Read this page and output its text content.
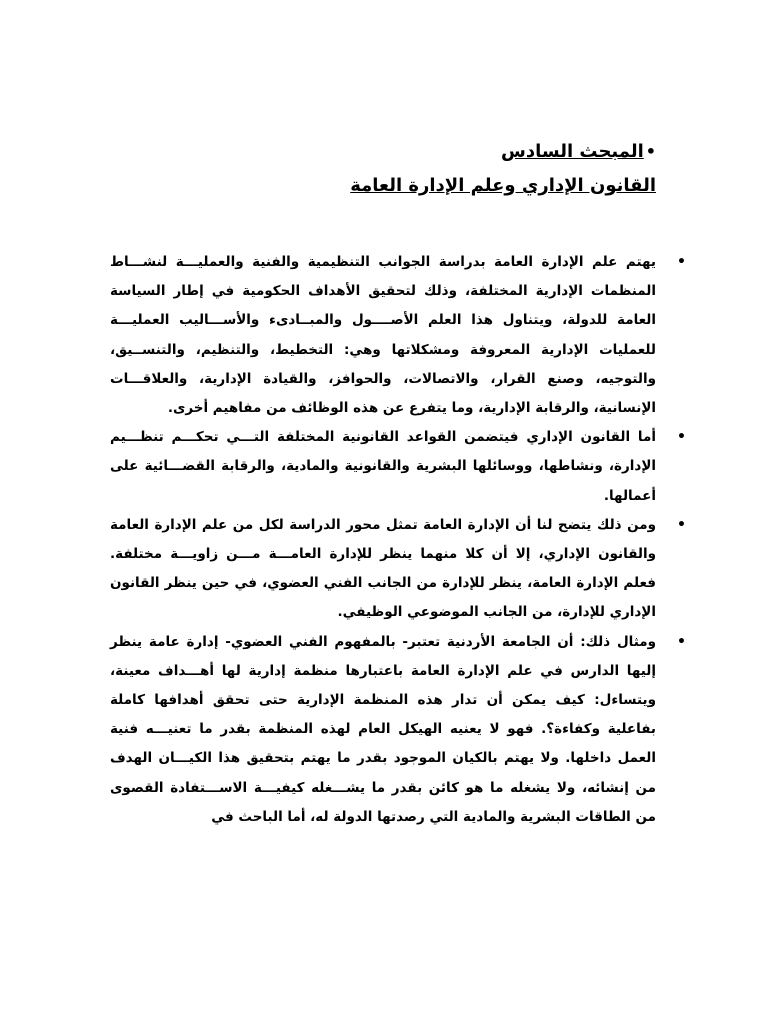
•المبحث السادس
القانون الإداري وعلم الإدارة العامة
•
يهتم علم الإدارة العامة بدراسة الجوانب التنظيمية والفنية والعمليـــة لنشـــاط المنظمات الإدارية المختلفة، وذلك لتحقيق الأهداف الحكومية في إطار السياسة العامة للدولة، ويتناول هذا العلم الأصــــول والمبــادىء والأســـاليب العمليـــة للعمليات الإدارية المعروفة ومشكلاتها وهي: التخطيط، والتنظيم، والتنســيق، والتوجيه، وصنع القرار، والاتصالات، والحوافز، والقيادة الإدارية، والعلاقـــات الإنسانية، والرقابة الإدارية، وما يتفرع عن هذه الوظائف من مفاهيم أخرى.
•
أما القانون الإداري فيتضمن القواعد القانونية المختلفة التـــي تحكـــم تنظـــيم الإدارة، ونشاطها، ووسائلها البشرية والقانونية والمادية، والرقابة القضـــائية على أعمالها.
•
ومن ذلك يتضح لنا أن الإدارة العامة تمثل محور الدراسة لكل من علم الإدارة العامة والقانون الإداري، إلا أن كلا منهما ينظر للإدارة العامـــة مـــن زاويـــة مختلفة. فعلم الإدارة العامة، ينظر للإدارة من الجانب الفني العضوي، في حين ينظر القانون الإداري للإدارة، من الجانب الموضوعي الوظيفي.
•
ومثال ذلك: أن الجامعة الأردنية تعتبر- بالمفهوم الفني العضوي- إدارة عامة ينظر إليها الدارس في علم الإدارة العامة باعتبارها منظمة إدارية لها أهـــداف معينة، ويتساءل: كيف يمكن أن تدار هذه المنظمة الإدارية حتى تحقق أهدافها كاملة بفاعلية وكفاءة؟. فهو لا يعنيه الهيكل العام لهذه المنظمة بقدر ما تعنيـــه فنية العمل داخلها. ولا يهتم بالكيان الموجود بقدر ما يهتم بتحقيق هذا الكيـــان الهدف من إنشائه، ولا يشغله ما هو كائن بقدر ما يشـــغله كيفيـــة الاســـتفادة القصوى من الطاقات البشرية والمادية التي رصدتها الدولة له، أما الباحث في
